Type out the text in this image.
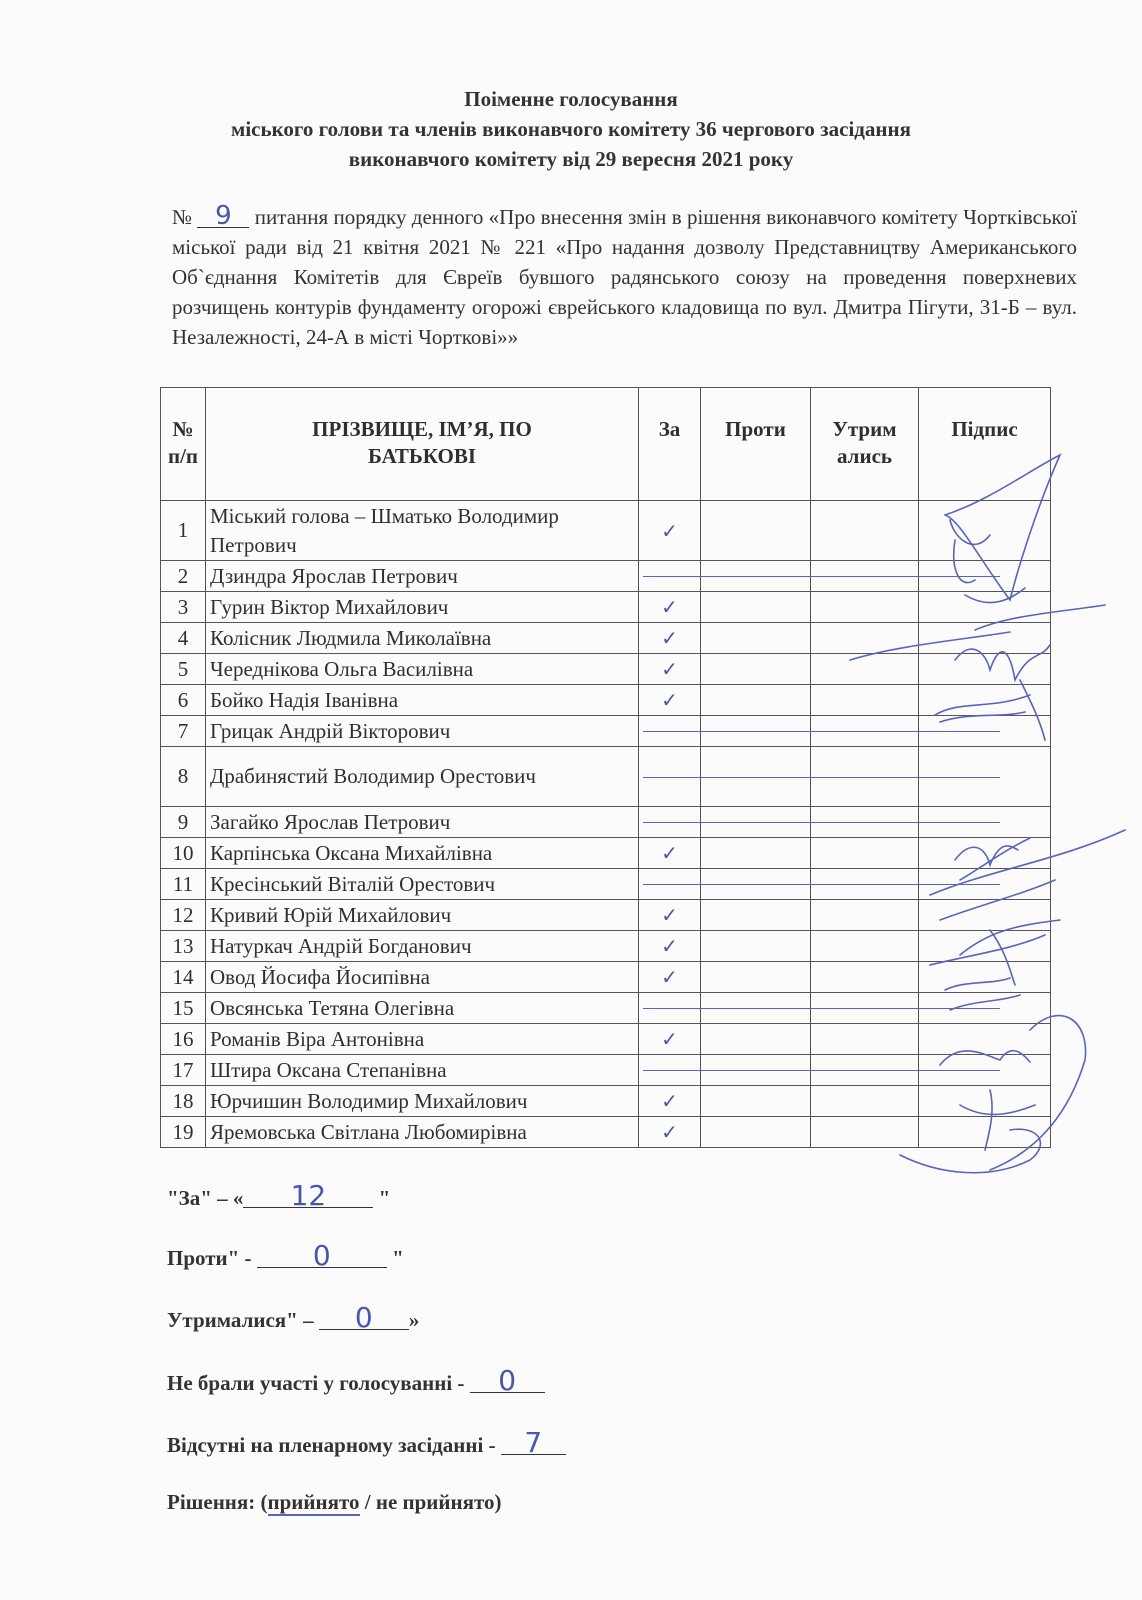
Поіменне голосування
міського голови та членів виконавчого комітету 36 чергового засідання
виконавчого комітету від 29 вересня 2021 року
№ 9 питання порядку денного «Про внесення змін в рішення виконавчого комітету Чортківської міської ради від 21 квітня 2021 № 221 «Про надання дозволу Представництву Американського Об`єднання Комітетів для Євреїв бувшого радянського союзу на проведення поверхневих розчищень контурів фундаменту огорожі єврейського кладовища по вул. Дмитра Пігути, 31-Б – вул. Незалежності, 24-А в місті Чорткові»»
№ п/п	ПРІЗВИЩЕ, ІМ’Я, ПО БАТЬКОВІ	За	Проти	Утрим ались	Підпис
1	Міський голова – Шматько Володимир Петрович	✓			
2	Дзиндра Ярослав Петрович				
3	Гурин Віктор Михайлович	✓			
4	Колісник Людмила Миколаївна	✓			
5	Череднікова Ольга Василівна	✓			
6	Бойко Надія Іванівна	✓			
7	Грицак Андрій Вікторович				
8	Драбинястий Володимир Орестович				
9	Загайко Ярослав Петрович				
10	Карпінська Оксана Михайлівна	✓			
11	Кресінський Віталій Орестович				
12	Кривий Юрій Михайлович	✓			
13	Натуркач Андрій Богданович	✓			
14	Овод Йосифа Йосипівна	✓			
15	Овсянська Тетяна Олегівна				
16	Романів Віра Антонівна	✓			
17	Штира Оксана Степанівна				
18	Юрчишин Володимир Михайлович	✓			
19	Яремовська Світлана Любомирівна	✓			
"За" – « 12 "
Проти" - 0	"
Утрималися" – 0 »
Не брали участі у голосуванні - 0
Відсутні на пленарному засіданні - 7
Рішення: (прийнято / не прийнято)
